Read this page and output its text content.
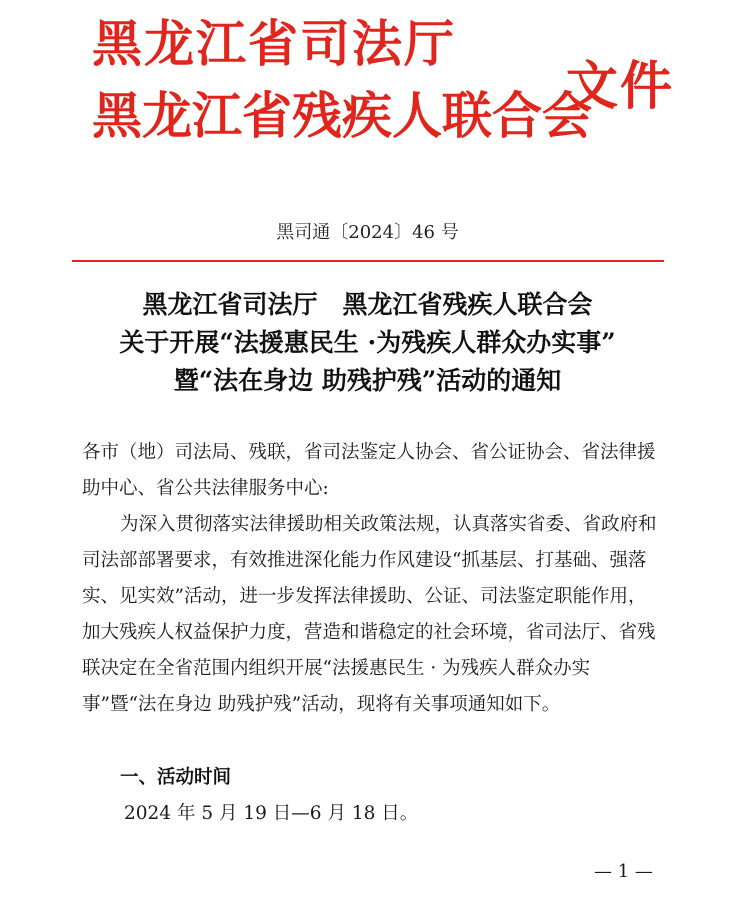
黑龙江省司法厅
黑龙江省残疾人联合会
文件
黑司通〔2024〕46 号
黑龙江省司法厅　黑龙江省残疾人联合会
关于开展“法援惠民生 ·为残疾人群众办实事”
暨“法在身边 助残护残”活动的通知
各市（地）司法局、残联，省司法鉴定人协会、省公证协会、省法律援助中心、省公共法律服务中心:
为深入贯彻落实法律援助相关政策法规，认真落实省委、省政府和司法部部署要求，有效推进深化能力作风建设“抓基层、打基础、强落实、见实效”活动，进一步发挥法律援助、公证、司法鉴定职能作用，加大残疾人权益保护力度，营造和谐稳定的社会环境，省司法厅、省残联决定在全省范围内组织开展“法援惠民生 · 为残疾人群众办实事”暨“法在身边 助残护残”活动，现将有关事项通知如下。
一、活动时间
2024 年 5 月 19 日—6 月 18 日。
— 1 —
